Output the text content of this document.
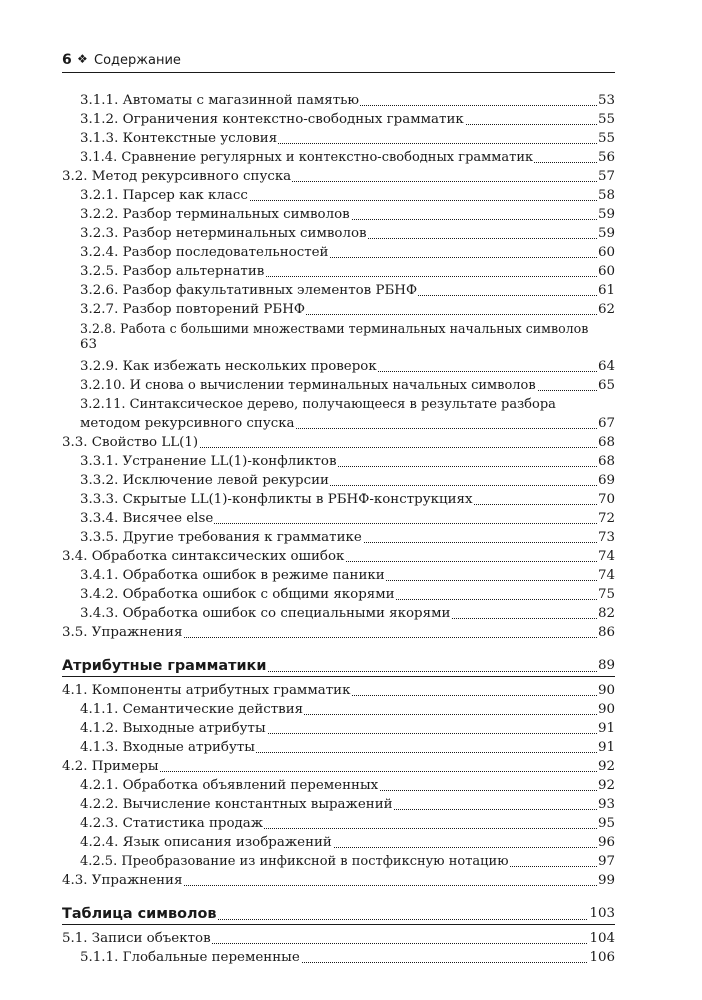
6 ❖ Содержание
3.1.1. Автоматы с магазинной памятью	53
3.1.2. Ограничения контекстно-свободных грамматик	55
3.1.3. Контекстные условия	55
3.1.4. Сравнение регулярных и контекстно-свободных грамматик	56
3.2. Метод рекурсивного спуска	57
3.2.1. Парсер как класс	58
3.2.2. Разбор терминальных символов	59
3.2.3. Разбор нетерминальных символов	59
3.2.4. Разбор последовательностей	60
3.2.5. Разбор альтернатив	60
3.2.6. Разбор факультативных элементов РБНФ	61
3.2.7. Разбор повторений РБНФ	62
3.2.8. Работа с большими множествами терминальных начальных символов
63
3.2.9. Как избежать нескольких проверок	64
3.2.10. И снова о вычислении терминальных начальных символов	65
3.2.11. Синтаксическое дерево, получающееся в результате разбора
методом рекурсивного спуска	67
3.3. Свойство LL(1)	68
3.3.1. Устранение LL(1)-конфликтов	68
3.3.2. Исключение левой рекурсии	69
3.3.3. Скрытые LL(1)-конфликты в РБНФ-конструкциях	70
3.3.4. Висячее else	72
3.3.5. Другие требования к грамматике	73
3.4. Обработка синтаксических ошибок	74
3.4.1. Обработка ошибок в режиме паники	74
3.4.2. Обработка ошибок с общими якорями	75
3.4.3. Обработка ошибок со специальными якорями	82
3.5. Упражнения	86
Атрибутные грамматики	89
4.1. Компоненты атрибутных грамматик	90
4.1.1. Семантические действия	90
4.1.2. Выходные атрибуты	91
4.1.3. Входные атрибуты	91
4.2. Примеры	92
4.2.1. Обработка объявлений переменных	92
4.2.2. Вычисление константных выражений	93
4.2.3. Статистика продаж	95
4.2.4. Язык описания изображений	96
4.2.5. Преобразование из инфиксной в постфиксную нотацию	97
4.3. Упражнения	99
Таблица символов	103
5.1. Записи объектов	104
5.1.1. Глобальные переменные	106
